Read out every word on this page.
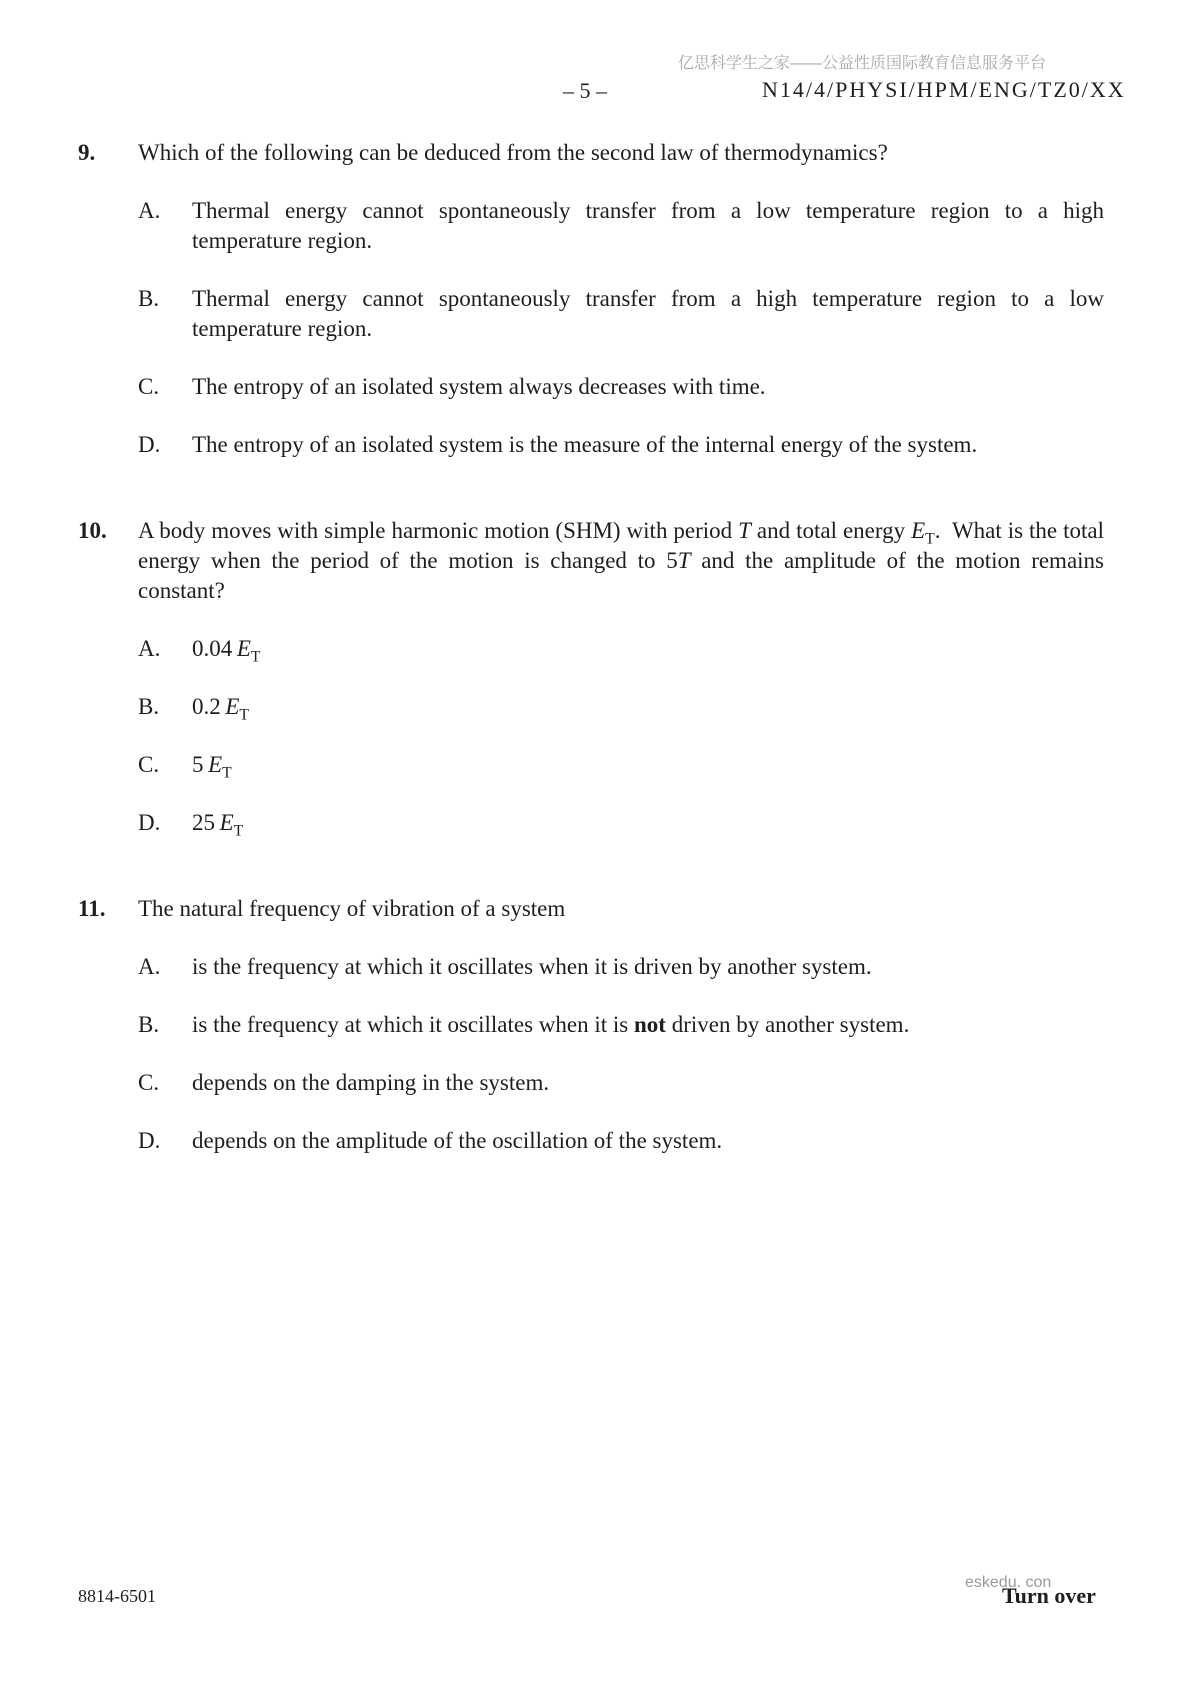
亿思科学生之家——公益性质国际教育信息服务平台
– 5 –	N14/4/PHYSI/HPM/ENG/TZ0/XX
9.	Which of the following can be deduced from the second law of thermodynamics?
A.	Thermal energy cannot spontaneously transfer from a low temperature region to a high temperature region.
B.	Thermal energy cannot spontaneously transfer from a high temperature region to a low temperature region.
C.	The entropy of an isolated system always decreases with time.
D.	The entropy of an isolated system is the measure of the internal energy of the system.
10.	A body moves with simple harmonic motion (SHM) with period T and total energy $E_T$.  What is the total energy when the period of the motion is changed to 5T and the amplitude of the motion remains constant?
A.	0.04 $E_T$
B.	0.2 $E_T$
C.	5 $E_T$
D.	25 $E_T$
11.	The natural frequency of vibration of a system
A.	is the frequency at which it oscillates when it is driven by another system.
B.	is the frequency at which it oscillates when it is not driven by another system.
C.	depends on the damping in the system.
D.	depends on the amplitude of the oscillation of the system.
8814-6501
eskedu. con
Turn over
